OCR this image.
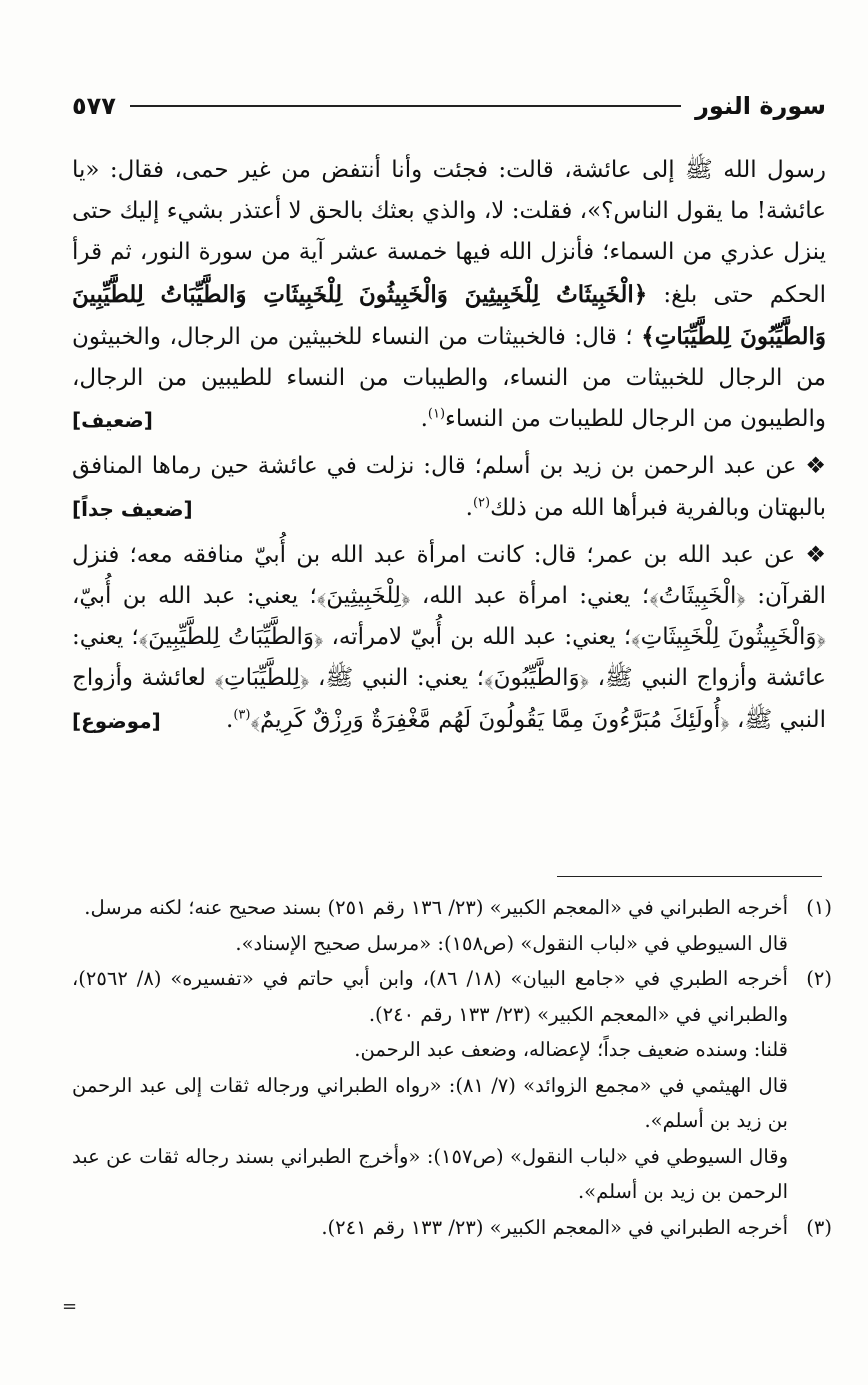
سورة النور
٥٧٧

رسول الله ﷺ إلى عائشة، قالت: فجئت وأنا أنتفض من غير حمى، فقال: «يا عائشة! ما يقول الناس؟»، فقلت: لا، والذي بعثك بالحق لا أعتذر بشيء إليك حتى ينزل عذري من السماء؛ فأنزل الله فيها خمسة عشر آية من سورة النور، ثم قرأ الحكم حتى بلغ: ﴿الْخَبِيثَاتُ لِلْخَبِيثِينَ وَالْخَبِيثُونَ لِلْخَبِيثَاتِ وَالطَّيِّبَاتُ لِلطَّيِّبِينَ وَالطَّيِّبُونَ لِلطَّيِّبَاتِ﴾ ؛ قال: فالخبيثات من النساء للخبيثين من الرجال، والخبيثون من الرجال للخبيثات من النساء، والطيبات من النساء للطيبين من الرجال، والطيبون من الرجال للطيبات من النساء$^{(١)}$.
[ضعيف]

❖ عن عبد الرحمن بن زيد بن أسلم؛ قال: نزلت في عائشة حين رماها المنافق بالبهتان وبالفرية فبرأها الله من ذلك$^{(٢)}$.
[ضعيف جداً]

❖ عن عبد الله بن عمر؛ قال: كانت امرأة عبد الله بن أُبيّ منافقه معه؛ فنزل القرآن: ﴿الْخَبِيثَاتُ﴾؛ يعني: امرأة عبد الله، ﴿لِلْخَبِيثِينَ﴾؛ يعني: عبد الله بن أُبيّ، ﴿وَالْخَبِيثُونَ لِلْخَبِيثَاتِ﴾؛ يعني: عبد الله بن أُبيّ لامرأته، ﴿وَالطَّيِّبَاتُ لِلطَّيِّبِينَ﴾؛ يعني: عائشة وأزواج النبي ﷺ، ﴿وَالطَّيِّبُونَ﴾؛ يعني: النبي ﷺ، ﴿لِلطَّيِّبَاتِ﴾ لعائشة وأزواج النبي ﷺ، ﴿أُولَئِكَ مُبَرَّءُونَ مِمَّا يَقُولُونَ لَهُم مَّغْفِرَةٌ وَرِزْقٌ كَرِيمٌ﴾$^{(٣)}$.
[موضوع]

(١)
أخرجه الطبراني في «المعجم الكبير» (٢٣/ ١٣٦ رقم ٢٥١) بسند صحيح عنه؛ لكنه مرسل.
قال السيوطي في «لباب النقول» (ص١٥٨): «مرسل صحيح الإسناد».
(٢)
أخرجه الطبري في «جامع البيان» (١٨/ ٨٦)، وابن أبي حاتم في «تفسيره» (٨/ ٢٥٦٢)، والطبراني في «المعجم الكبير» (٢٣/ ١٣٣ رقم ٢٤٠).
قلنا: وسنده ضعيف جداً؛ لإعضاله، وضعف عبد الرحمن.
قال الهيثمي في «مجمع الزوائد» (٧/ ٨١): «رواه الطبراني ورجاله ثقات إلى عبد الرحمن بن زيد بن أسلم».
وقال السيوطي في «لباب النقول» (ص١٥٧): «وأخرج الطبراني بسند رجاله ثقات عن عبد الرحمن بن زيد بن أسلم».
(٣)
أخرجه الطبراني في «المعجم الكبير» (٢٣/ ١٣٣ رقم ٢٤١).
=
